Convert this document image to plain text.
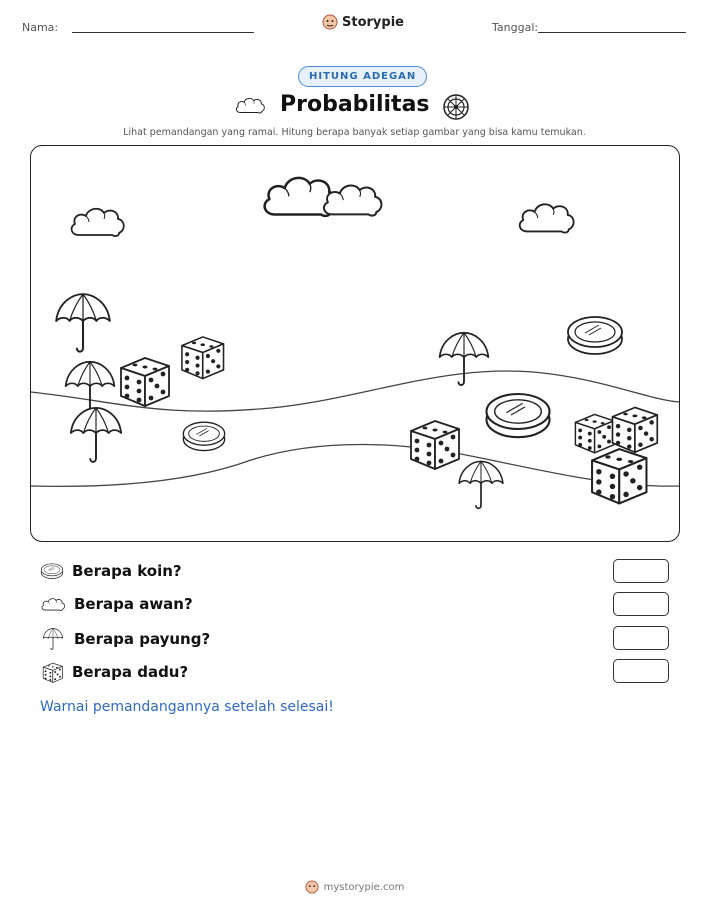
Nama:	Storypie	Tanggal:
HITUNG ADEGAN
Probabilitas
Lihat pemandangan yang ramai. Hitung berapa banyak setiap gambar yang bisa kamu temukan.
Berapa koin?
Berapa awan?
Berapa payung?
Berapa dadu?
Warnai pemandangannya setelah selesai!
mystorypie.com
